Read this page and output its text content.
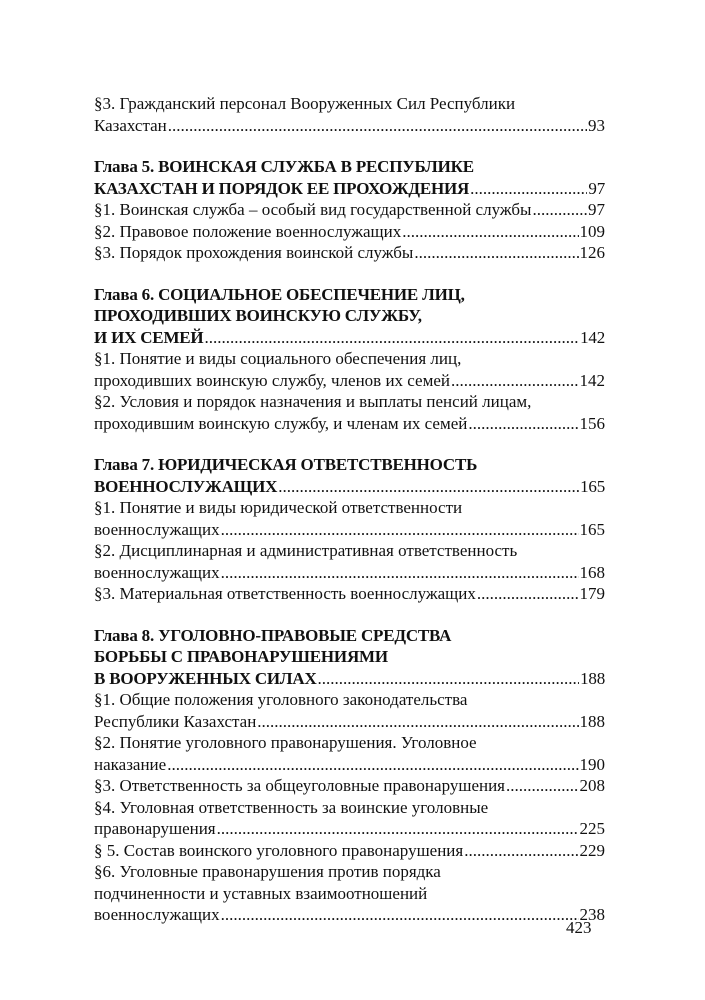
§3. Гражданский персонал Вооруженных Сил Республики
Казахстан .....	93
Глава 5. ВОИНСКАЯ СЛУЖБА В РЕСПУБЛИКЕ
КАЗАХСТАН И ПОРЯДОК ЕЕ ПРОХОЖДЕНИЯ .....	97
§1. Воинская служба – особый вид государственной службы .....	97
§2. Правовое положение военнослужащих .....	109
§3. Порядок прохождения воинской службы .....	126
Глава 6. СОЦИАЛЬНОЕ ОБЕСПЕЧЕНИЕ ЛИЦ,
ПРОХОДИВШИХ ВОИНСКУЮ СЛУЖБУ,
И ИХ СЕМЕЙ .....	142
§1. Понятие и виды социального обеспечения лиц,
проходивших воинскую службу, членов их семей .....	142
§2. Условия и порядок назначения и выплаты пенсий лицам,
проходившим воинскую службу, и членам их семей .....	156
Глава 7. ЮРИДИЧЕСКАЯ ОТВЕТСТВЕННОСТЬ
ВОЕННОСЛУЖАЩИХ .....	165
§1. Понятие и виды юридической ответственности
военнослужащих .....	165
§2. Дисциплинарная и административная ответственность
военнослужащих .....	168
§3. Материальная ответственность военнослужащих .....	179
Глава 8. УГОЛОВНО-ПРАВОВЫЕ СРЕДСТВА
БОРЬБЫ С ПРАВОНАРУШЕНИЯМИ
В ВООРУЖЕННЫХ СИЛАХ .....	188
§1. Общие положения уголовного законодательства
Республики Казахстан .....	188
§2. Понятие уголовного правонарушения. Уголовное
наказание .....	190
§3. Ответственность за общеуголовные правонарушения .....	208
§4. Уголовная ответственность за воинские уголовные
правонарушения .....	225
§ 5. Состав воинского уголовного правонарушения .....	229
§6. Уголовные правонарушения против порядка
подчиненности и уставных взаимоотношений
военнослужащих .....	238
423
